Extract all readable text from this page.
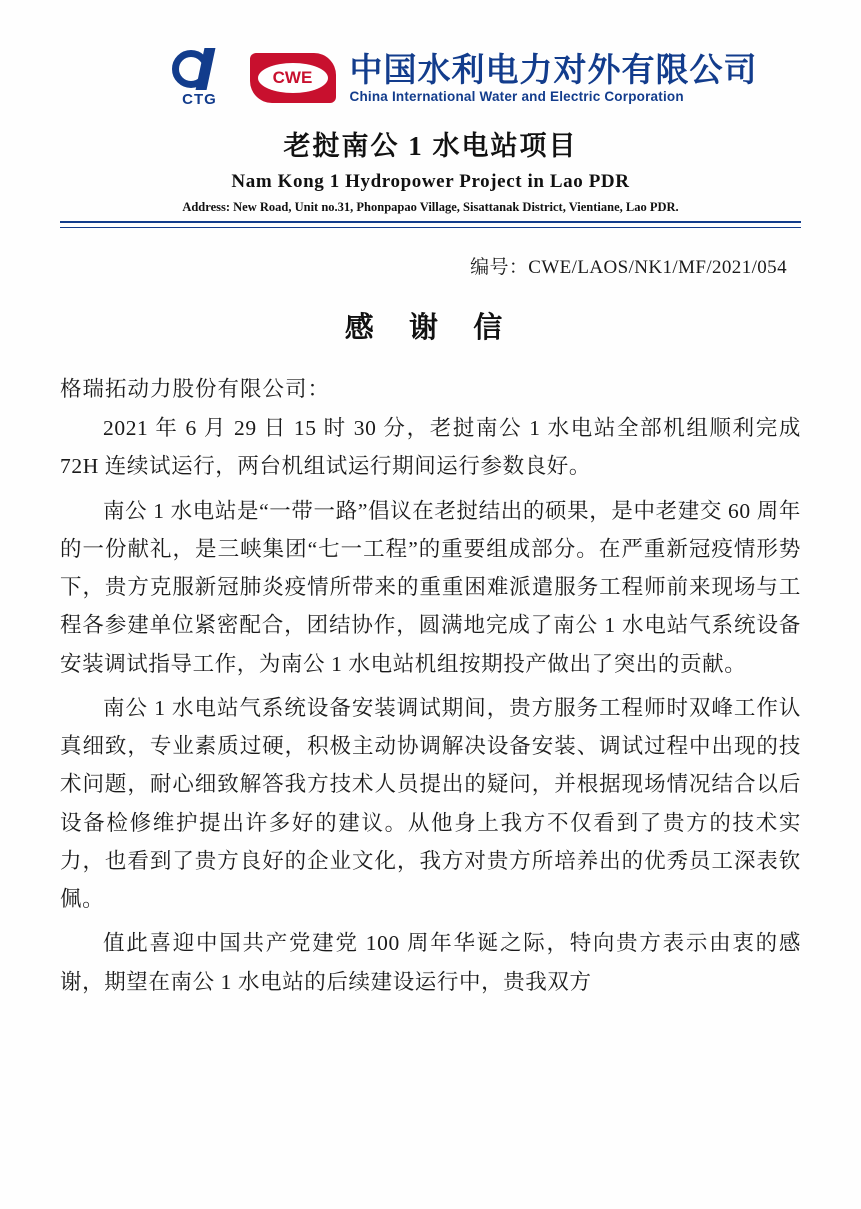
CTG
CWE 中国水利电力对外有限公司
China International Water and Electric Corporation
老挝南公 1 水电站项目
Nam Kong 1 Hydropower Project in Lao PDR
Address: New Road, Unit no.31, Phonpapao Village, Sisattanak District, Vientiane, Lao PDR.
编号：CWE/LAOS/NK1/MF/2021/054
感 谢 信
格瑞拓动力股份有限公司：
2021 年 6 月 29 日 15 时 30 分，老挝南公 1 水电站全部机组顺利完成 72H 连续试运行，两台机组试运行期间运行参数良好。
南公 1 水电站是“一带一路”倡议在老挝结出的硕果，是中老建交 60 周年的一份献礼，是三峡集团“七一工程”的重要组成部分。在严重新冠疫情形势下，贵方克服新冠肺炎疫情所带来的重重困难派遣服务工程师前来现场与工程各参建单位紧密配合，团结协作，圆满地完成了南公 1 水电站气系统设备安装调试指导工作，为南公 1 水电站机组按期投产做出了突出的贡献。
南公 1 水电站气系统设备安装调试期间，贵方服务工程师时双峰工作认真细致，专业素质过硬，积极主动协调解决设备安装、调试过程中出现的技术问题，耐心细致解答我方技术人员提出的疑问，并根据现场情况结合以后设备检修维护提出许多好的建议。从他身上我方不仅看到了贵方的技术实力，也看到了贵方良好的企业文化，我方对贵方所培养出的优秀员工深表钦佩。
值此喜迎中国共产党建党 100 周年华诞之际，特向贵方表示由衷的感谢，期望在南公 1 水电站的后续建设运行中，贵我双方
